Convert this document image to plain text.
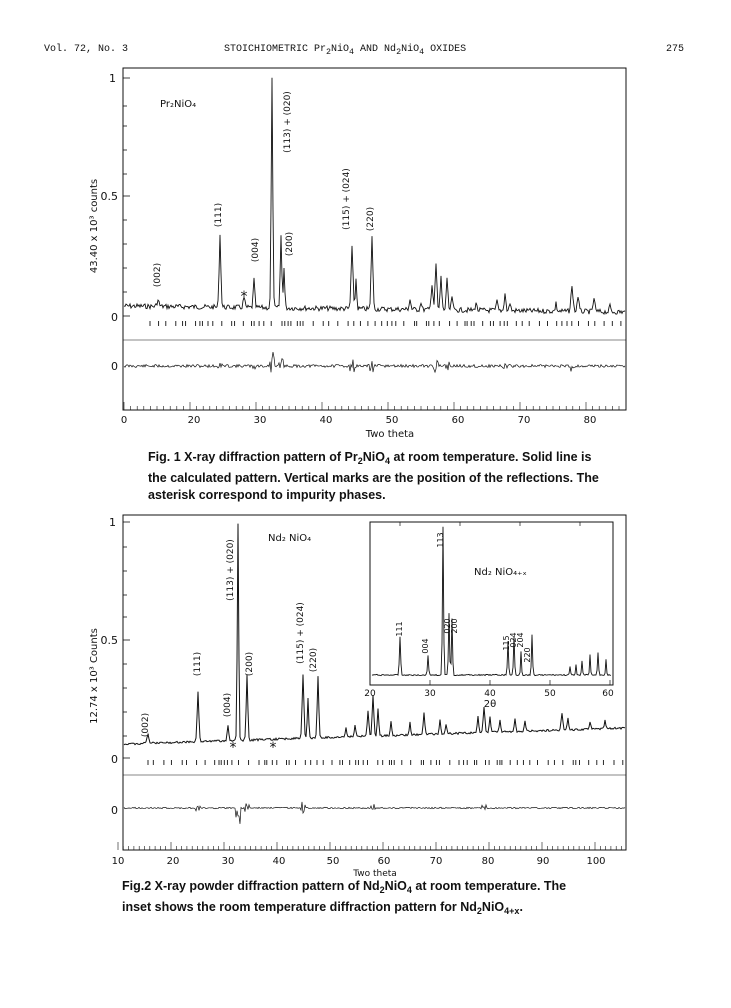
Vol. 72, No. 3	STOICHIOMETRIC $Pr_2NiO_4$ AND $Nd_2NiO_4$ OXIDES	275
1
0.5
0
0
43.40 x 10³ counts
Pr₂NiO₄
*
(002)
(111)
(004)
(113) + (020)
(200)
(115) + (024) (220)
0	20	30	40	50	60	70	80
Two theta
1
0.5
0
0
12.74 x 10³ Counts
Nd₂ NiO₄
* *
(002)
(111)
(004)
(113) + (020)
(200)
(115) + (024) (220)
10	20	30	40	50	60	70	80	90	100
Two theta
Nd₂ NiO₄₊ₓ
20	30	40	50	60
2θ
111
004
113
020
200
115
024
204
220
Fig. 1 X-ray diffraction pattern of $Pr_2NiO_4$ at room temperature. Solid line is the calculated pattern. Vertical marks are the position of the reflections. The asterisk correspond to impurity phases.
Fig.2 X-ray powder diffraction pattern of $Nd_2NiO_4$ at room temperature. The inset shows the room temperature diffraction pattern for $Nd_2NiO_{4+x}$.
